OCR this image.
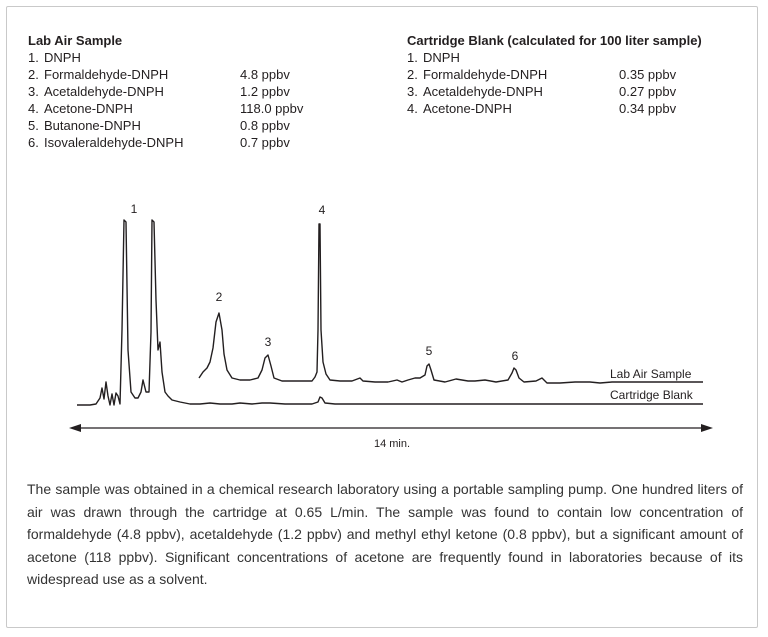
Lab Air Sample
1. DNPH
2. Formaldehyde-DNPH	4.8 ppbv
3. Acetaldehyde-DNPH	1.2 ppbv
4. Acetone-DNPH	118.0 ppbv
5. Butanone-DNPH	0.8 ppbv
6. Isovaleraldehyde-DNPH	0.7 ppbv
Cartridge Blank (calculated for 100 liter sample)
1. DNPH
2. Formaldehyde-DNPH	0.35 ppbv
3. Acetaldehyde-DNPH	0.27 ppbv
4. Acetone-DNPH	0.34 ppbv
1
2
3
4
5	6
Lab Air Sample
Cartridge Blank
14 min.
The sample was obtained in a chemical research laboratory using a portable sampling pump. One hundred liters of air was drawn through the cartridge at 0.65 L/min. The sample was found to contain low concentration of formaldehyde (4.8 ppbv), acetaldehyde (1.2 ppbv) and methyl ethyl ketone (0.8 ppbv), but a significant amount of acetone (118 ppbv). Significant concentrations of acetone are frequently found in laboratories because of its widespread use as a solvent.
